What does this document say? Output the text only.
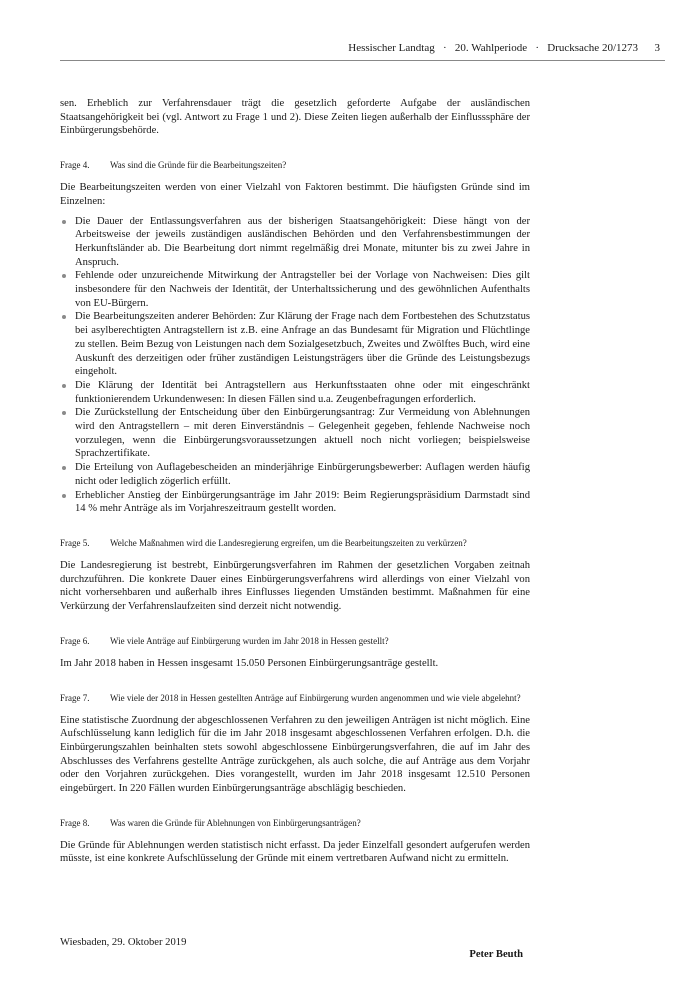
Hessischer Landtag   ·   20. Wahlperiode   ·   Drucksache 20/1273 3

sen. Erheblich zur Verfahrensdauer trägt die gesetzlich geforderte Aufgabe der ausländischen Staatsangehörigkeit bei (vgl. Antwort zu Frage 1 und 2). Diese Zeiten liegen außerhalb der Einflusssphäre der Einbürgerungsbehörde.

Frage 4.	Was sind die Gründe für die Bearbeitungszeiten?

Die Bearbeitungszeiten werden von einer Vielzahl von Faktoren bestimmt. Die häufigsten Gründe sind im Einzelnen:

Die Dauer der Entlassungsverfahren aus der bisherigen Staatsangehörigkeit: Diese hängt von der Arbeitsweise der jeweils zuständigen ausländischen Behörden und den Verfahrensbestimmungen der Herkunftsländer ab. Die Bearbeitung dort nimmt regelmäßig drei Monate, mitunter bis zu zwei Jahre in Anspruch.
Fehlende oder unzureichende Mitwirkung der Antragsteller bei der Vorlage von Nachweisen: Dies gilt insbesondere für den Nachweis der Identität, der Unterhaltssicherung und des gewöhnlichen Aufenthalts von EU-Bürgern.
Die Bearbeitungszeiten anderer Behörden: Zur Klärung der Frage nach dem Fortbestehen des Schutzstatus bei asylberechtigten Antragstellern ist z.B. eine Anfrage an das Bundesamt für Migration und Flüchtlinge zu stellen. Beim Bezug von Leistungen nach dem Sozialgesetzbuch, Zweites und Zwölftes Buch, wird eine Auskunft des derzeitigen oder früher zuständigen Leistungsträgers über die Gründe des Leistungsbezugs eingeholt.
Die Klärung der Identität bei Antragstellern aus Herkunftsstaaten ohne oder mit eingeschränkt funktionierendem Urkundenwesen: In diesen Fällen sind u.a. Zeugenbefragungen erforderlich.
Die Zurückstellung der Entscheidung über den Einbürgerungsantrag: Zur Vermeidung von Ablehnungen wird den Antragstellern – mit deren Einverständnis – Gelegenheit gegeben, fehlende Nachweise noch vorzulegen, wenn die Einbürgerungsvoraussetzungen aktuell noch nicht vorliegen; beispielsweise Sprachzertifikate.
Die Erteilung von Auflagebescheiden an minderjährige Einbürgerungsbewerber: Auflagen werden häufig nicht oder lediglich zögerlich erfüllt.
Erheblicher Anstieg der Einbürgerungsanträge im Jahr 2019: Beim Regierungspräsidium Darmstadt sind 14 % mehr Anträge als im Vorjahreszeitraum gestellt worden.
Frage 5.	Welche Maßnahmen wird die Landesregierung ergreifen, um die Bearbeitungszeiten zu verkürzen?

Die Landesregierung ist bestrebt, Einbürgerungsverfahren im Rahmen der gesetzlichen Vorgaben zeitnah durchzuführen. Die konkrete Dauer eines Einbürgerungsverfahrens wird allerdings von einer Vielzahl von nicht vorhersehbaren und außerhalb ihres Einflusses liegenden Umständen bestimmt. Maßnahmen für eine Verkürzung der Verfahrenslaufzeiten sind derzeit nicht notwendig.

Frage 6.	Wie viele Anträge auf Einbürgerung wurden im Jahr 2018 in Hessen gestellt?

Im Jahr 2018 haben in Hessen insgesamt 15.050 Personen Einbürgerungsanträge gestellt.

Frage 7.	Wie viele der 2018 in Hessen gestellten Anträge auf Einbürgerung wurden angenommen und wie viele abgelehnt?

Eine statistische Zuordnung der abgeschlossenen Verfahren zu den jeweiligen Anträgen ist nicht möglich. Eine Aufschlüsselung kann lediglich für die im Jahr 2018 insgesamt abgeschlossenen Verfahren erfolgen. D.h. die Einbürgerungszahlen beinhalten stets sowohl abgeschlossene Einbürgerungsverfahren, die auf im Jahr des Abschlusses des Verfahrens gestellte Anträge zurückgehen, als auch solche, die auf Anträge aus dem Vorjahr oder den Vorjahren zurückgehen. Dies vorangestellt, wurden im Jahr 2018 insgesamt 12.510 Personen eingebürgert. In 220 Fällen wurden Einbürgerungsanträge abschlägig beschieden.

Frage 8.	Was waren die Gründe für Ablehnungen von Einbürgerungsanträgen?

Die Gründe für Ablehnungen werden statistisch nicht erfasst. Da jeder Einzelfall gesondert aufgerufen werden müsste, ist eine konkrete Aufschlüsselung der Gründe mit einem vertretbaren Aufwand nicht zu ermitteln.

Wiesbaden, 29. Oktober 2019
Peter Beuth
